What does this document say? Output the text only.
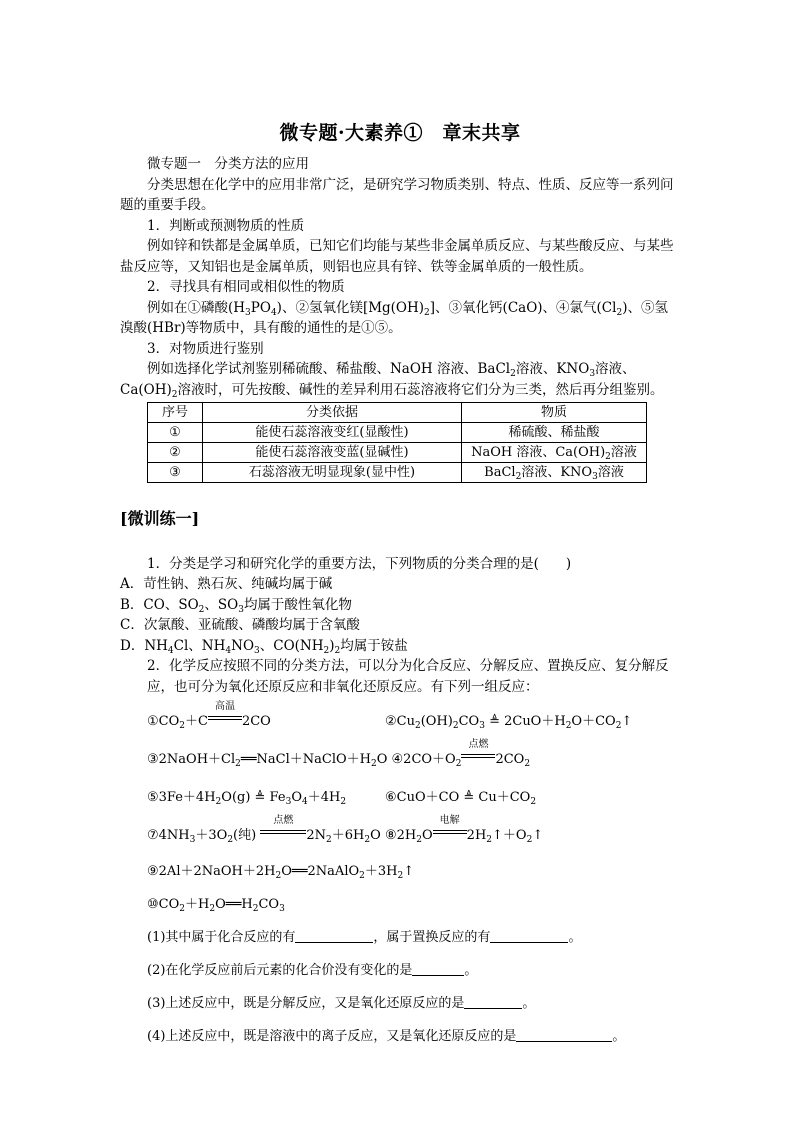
微专题·大素养①　章末共享

微专题一　分类方法的应用

分类思想在化学中的应用非常广泛，是研究学习物质类别、特点、性质、反应等一系列问题的重要手段。

1．判断或预测物质的性质

例如锌和铁都是金属单质，已知它们均能与某些非金属单质反应、与某些酸反应、与某些盐反应等，又知铝也是金属单质，则铝也应具有锌、铁等金属单质的一般性质。

2．寻找具有相同或相似性的物质

例如在①磷酸$(H_3PO_4)$、②氢氧化镁$[Mg(OH)_2]$、③氧化钙(CaO)、④氯气$(Cl_2)$、⑤氢溴酸(HBr)等物质中，具有酸的通性的是①⑤。

3．对物质进行鉴别

例如选择化学试剂鉴别稀硫酸、稀盐酸、NaOH 溶液、BaCl$_2$溶液、$KNO_3$溶液、$Ca(OH)_2$溶液时，可先按酸、碱性的差异利用石蕊溶液将它们分为三类，然后再分组鉴别。

序号	分类依据	物质
①	能使石蕊溶液变红(显酸性)	稀硫酸、稀盐酸
②	能使石蕊溶液变蓝(显碱性)	NaOH 溶液、$Ca(OH)_2$溶液
③	石蕊溶液无明显现象(显中性)	BaCl$_2$溶液、$KNO_3$溶液
[微训练一]

1．分类是学习和研究化学的重要方法，下列物质的分类合理的是(　　)

A．苛性钠、熟石灰、纯碱均属于碱

B．CO、$SO_2$、$SO_3$均属于酸性氧化物

C．次氯酸、亚硫酸、磷酸均属于含氧酸

D．$NH_4Cl$、$NH_4NO_3$、$CO(NH_2)_2$均属于铵盐

2．化学反应按照不同的分类方法，可以分为化合反应、分解反应、置换反应、复分解反应，也可分为氧化还原反应和非氧化还原反应。有下列一组反应：

$①CO_2+C$
高温
2CO	$②Cu_2(OH)_2CO_3$ ≜ $2CuO+H_2O+CO_2↑$
$③2NaOH+Cl_2══NaCl+NaClO+H_2O$ $④2CO+O_2$
点燃
$2CO_2$
$⑤3Fe+4H_2O(g)$ ≜ $Fe_3O_4+4H_2$	⑥CuO＋CO ≜ $Cu+CO_2$
$⑦4NH_3+3O_2$(纯)
点燃
$2N_2+6H_2O$ $⑧2H_2O$
电解
$2H_2↑+O_2↑$

$⑨2Al+2NaOH+2H_2O══2NaAlO_2+3H_2↑$

$⑩CO_2+H_2O══H_2CO_3$

(1)其中属于化合反应的有	，属于置换反应的有	。

(2)在化学反应前后元素的化合价没有变化的是	。

(3)上述反应中，既是分解反应，又是氧化还原反应的是	。

(4)上述反应中，既是溶液中的离子反应，又是氧化还原反应的是	。
